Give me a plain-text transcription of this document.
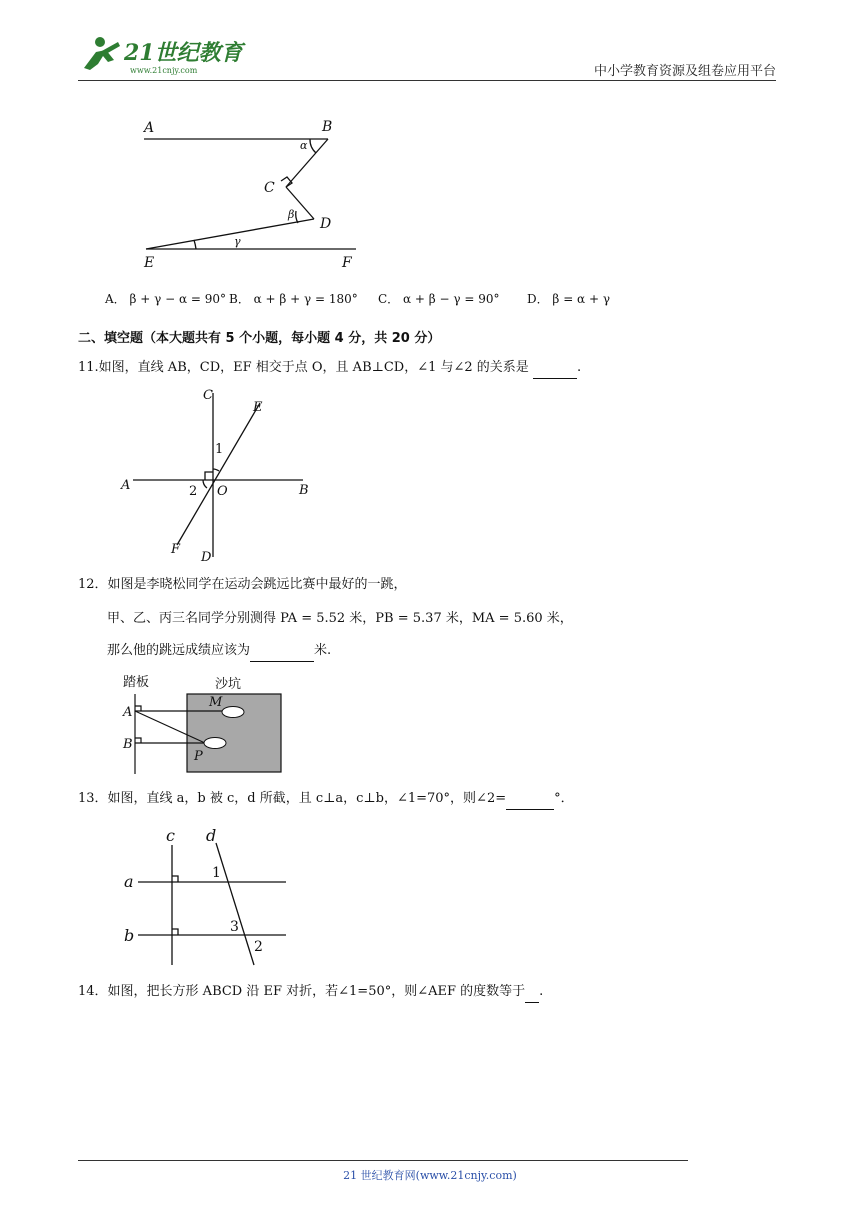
21世纪教育
www.21cnjy.com	中小学教育资源及组卷应用平台
A	B
C
D
E	F
α
β
γ
A． β + γ − α = 90° B． α + β + γ = 180° C． α + β − γ = 90° D． β = α + γ
二、填空题（本大题共有 5 个小题，每小题 4 分，共 20 分）
11.如图，直线 AB，CD，EF 相交于点 O，且 AB⊥CD，∠1 与∠2 的关系是	.
C
E
1
2 O
A	B
F
D
12．如图是李晓松同学在运动会跳远比赛中最好的一跳，
甲、乙、丙三名同学分别测得 PA = 5.52 米，PB = 5.37 米，MA = 5.60 米，
那么他的跳远成绩应该为	米.
踏板	沙坑
A
B
M
P
13．如图，直线 a，b 被 c，d 所截，且 c⊥a，c⊥b，∠1=70°，则∠2=	°．
c d
a
b
1
3
2
14．如图，把长方形 ABCD 沿 EF 对折，若∠1=50°，则∠AEF 的度数等于 .
21 世纪教育网(www.21cnjy.com)
